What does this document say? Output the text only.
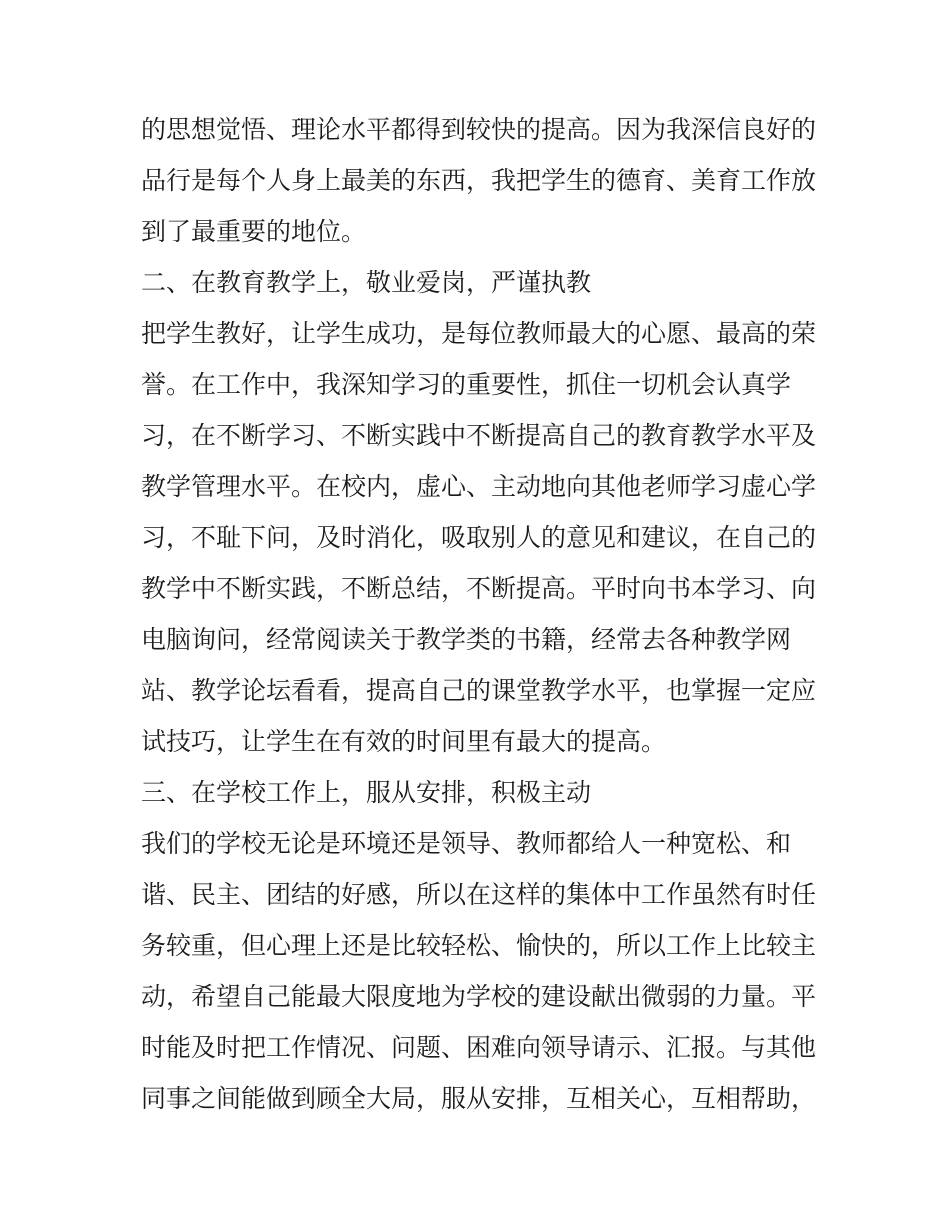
的思想觉悟、理论水平都得到较快的提高。因为我深信良好的

品行是每个人身上最美的东西，我把学生的德育、美育工作放

到了最重要的地位。

二、在教育教学上，敬业爱岗，严谨执教

把学生教好，让学生成功，是每位教师最大的心愿、最高的荣

誉。在工作中，我深知学习的重要性，抓住一切机会认真学

习，在不断学习、不断实践中不断提高自己的教育教学水平及

教学管理水平。在校内，虚心、主动地向其他老师学习虚心学

习，不耻下问，及时消化，吸取别人的意见和建议，在自己的

教学中不断实践，不断总结，不断提高。平时向书本学习、向

电脑询问，经常阅读关于教学类的书籍，经常去各种教学网

站、教学论坛看看，提高自己的课堂教学水平，也掌握一定应

试技巧，让学生在有效的时间里有最大的提高。

三、在学校工作上，服从安排，积极主动

我们的学校无论是环境还是领导、教师都给人一种宽松、和

谐、民主、团结的好感，所以在这样的集体中工作虽然有时任

务较重，但心理上还是比较轻松、愉快的，所以工作上比较主

动，希望自己能最大限度地为学校的建设献出微弱的力量。平

时能及时把工作情况、问题、困难向领导请示、汇报。与其他

同事之间能做到顾全大局，服从安排，互相关心，互相帮助，
